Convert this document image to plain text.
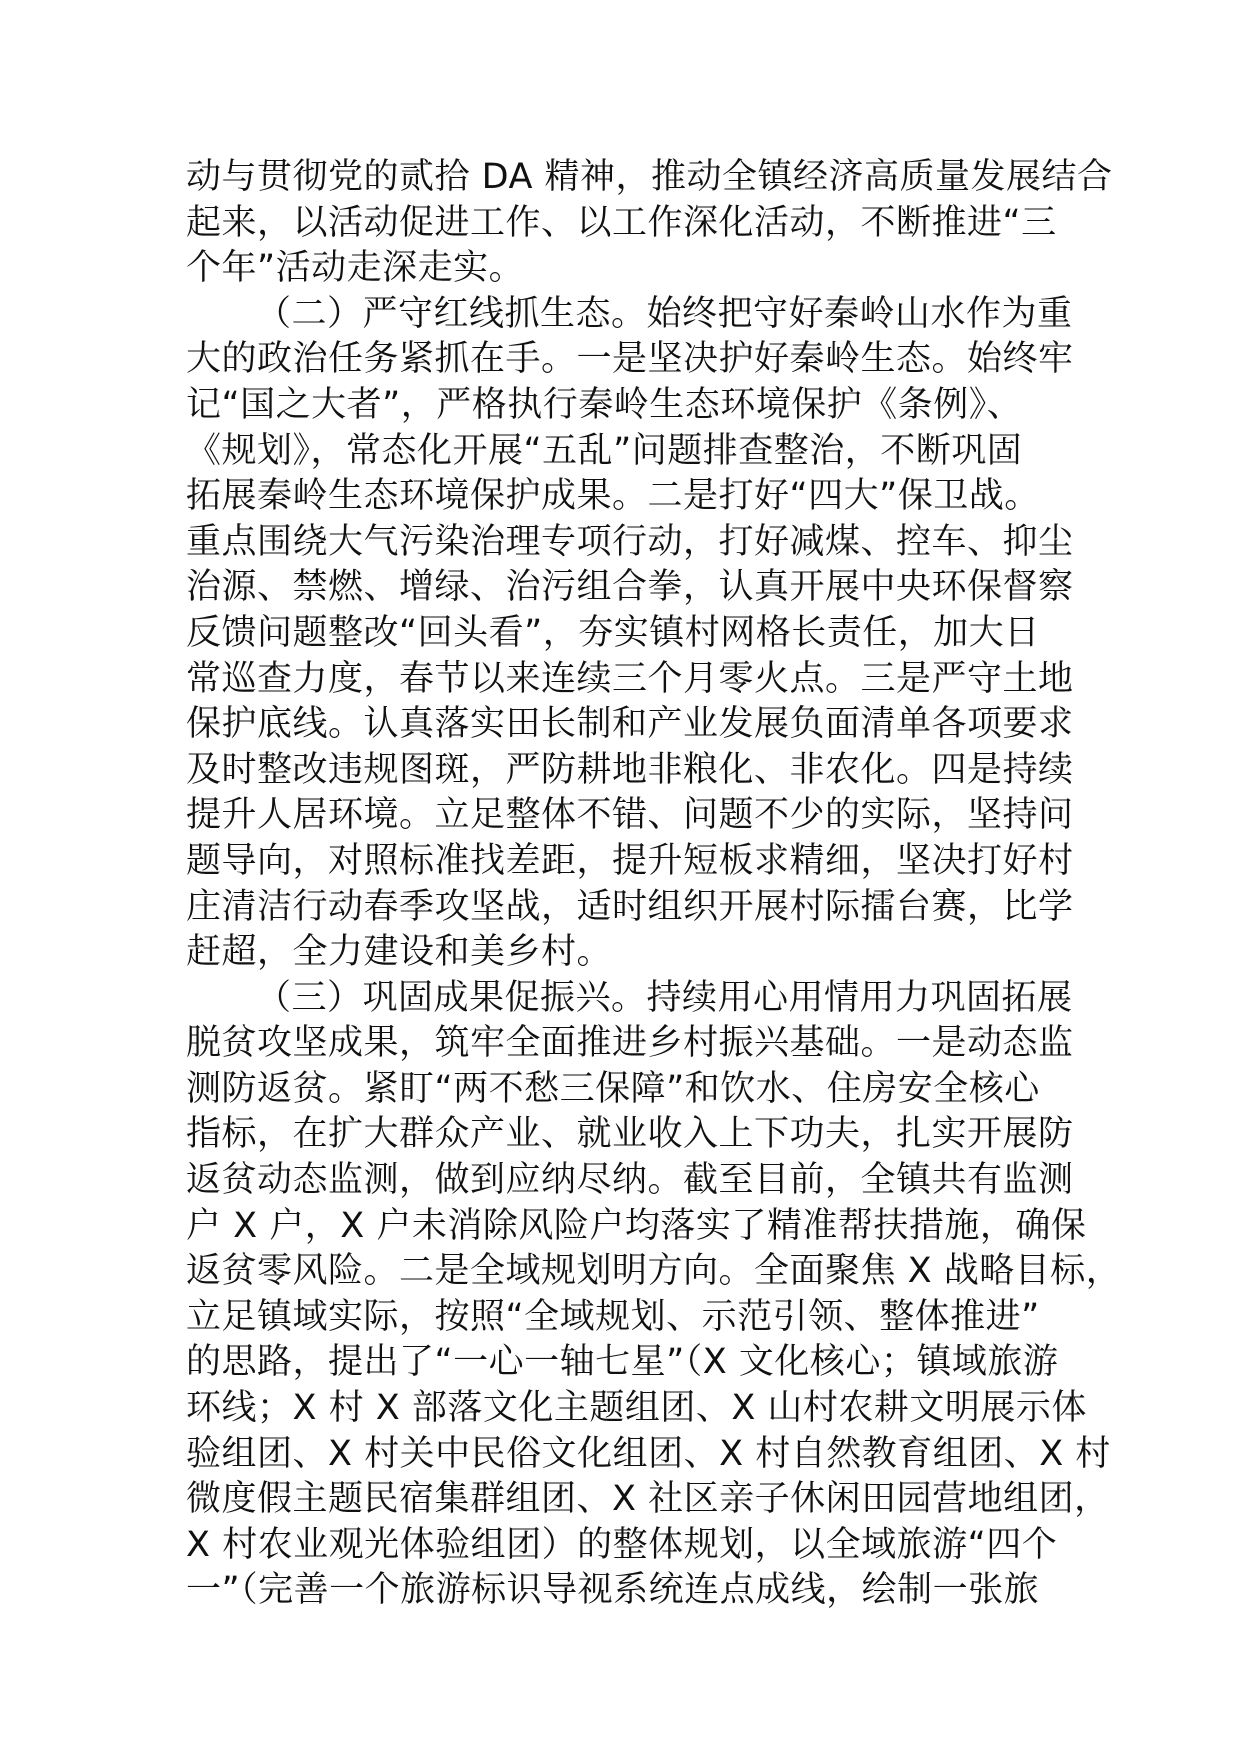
动与贯彻党的贰拾 DA 精神，推动全镇经济高质量发展结合
起来，以活动促进工作、以工作深化活动，不断推进“三
个年”活动走深走实。
（二）严守红线抓生态。始终把守好秦岭山水作为重
大的政治任务紧抓在手。一是坚决护好秦岭生态。始终牢
记“国之大者”，严格执行秦岭生态环境保护《条例》、
《规划》，常态化开展“五乱”问题排查整治，不断巩固
拓展秦岭生态环境保护成果。二是打好“四大”保卫战。
重点围绕大气污染治理专项行动，打好减煤、控车、抑尘
治源、禁燃、增绿、治污组合拳，认真开展中央环保督察
反馈问题整改“回头看”，夯实镇村网格长责任，加大日
常巡查力度，春节以来连续三个月零火点。三是严守土地
保护底线。认真落实田长制和产业发展负面清单各项要求
及时整改违规图斑，严防耕地非粮化、非农化。四是持续
提升人居环境。立足整体不错、问题不少的实际，坚持问
题导向，对照标准找差距，提升短板求精细，坚决打好村
庄清洁行动春季攻坚战，适时组织开展村际擂台赛，比学
赶超，全力建设和美乡村。
（三）巩固成果促振兴。持续用心用情用力巩固拓展
脱贫攻坚成果，筑牢全面推进乡村振兴基础。一是动态监
测防返贫。紧盯“两不愁三保障”和饮水、住房安全核心
指标，在扩大群众产业、就业收入上下功夫，扎实开展防
返贫动态监测，做到应纳尽纳。截至目前，全镇共有监测
户 X 户，X 户未消除风险户均落实了精准帮扶措施，确保
返贫零风险。二是全域规划明方向。全面聚焦 X 战略目标，
立足镇域实际，按照“全域规划、示范引领、整体推进”
的思路，提出了“一心一轴七星”（X 文化核心；镇域旅游
环线；X 村 X 部落文化主题组团、X 山村农耕文明展示体
验组团、X 村关中民俗文化组团、X 村自然教育组团、X 村
微度假主题民宿集群组团、X 社区亲子休闲田园营地组团，
X 村农业观光体验组团）的整体规划，以全域旅游“四个
一”（完善一个旅游标识导视系统连点成线，绘制一张旅
